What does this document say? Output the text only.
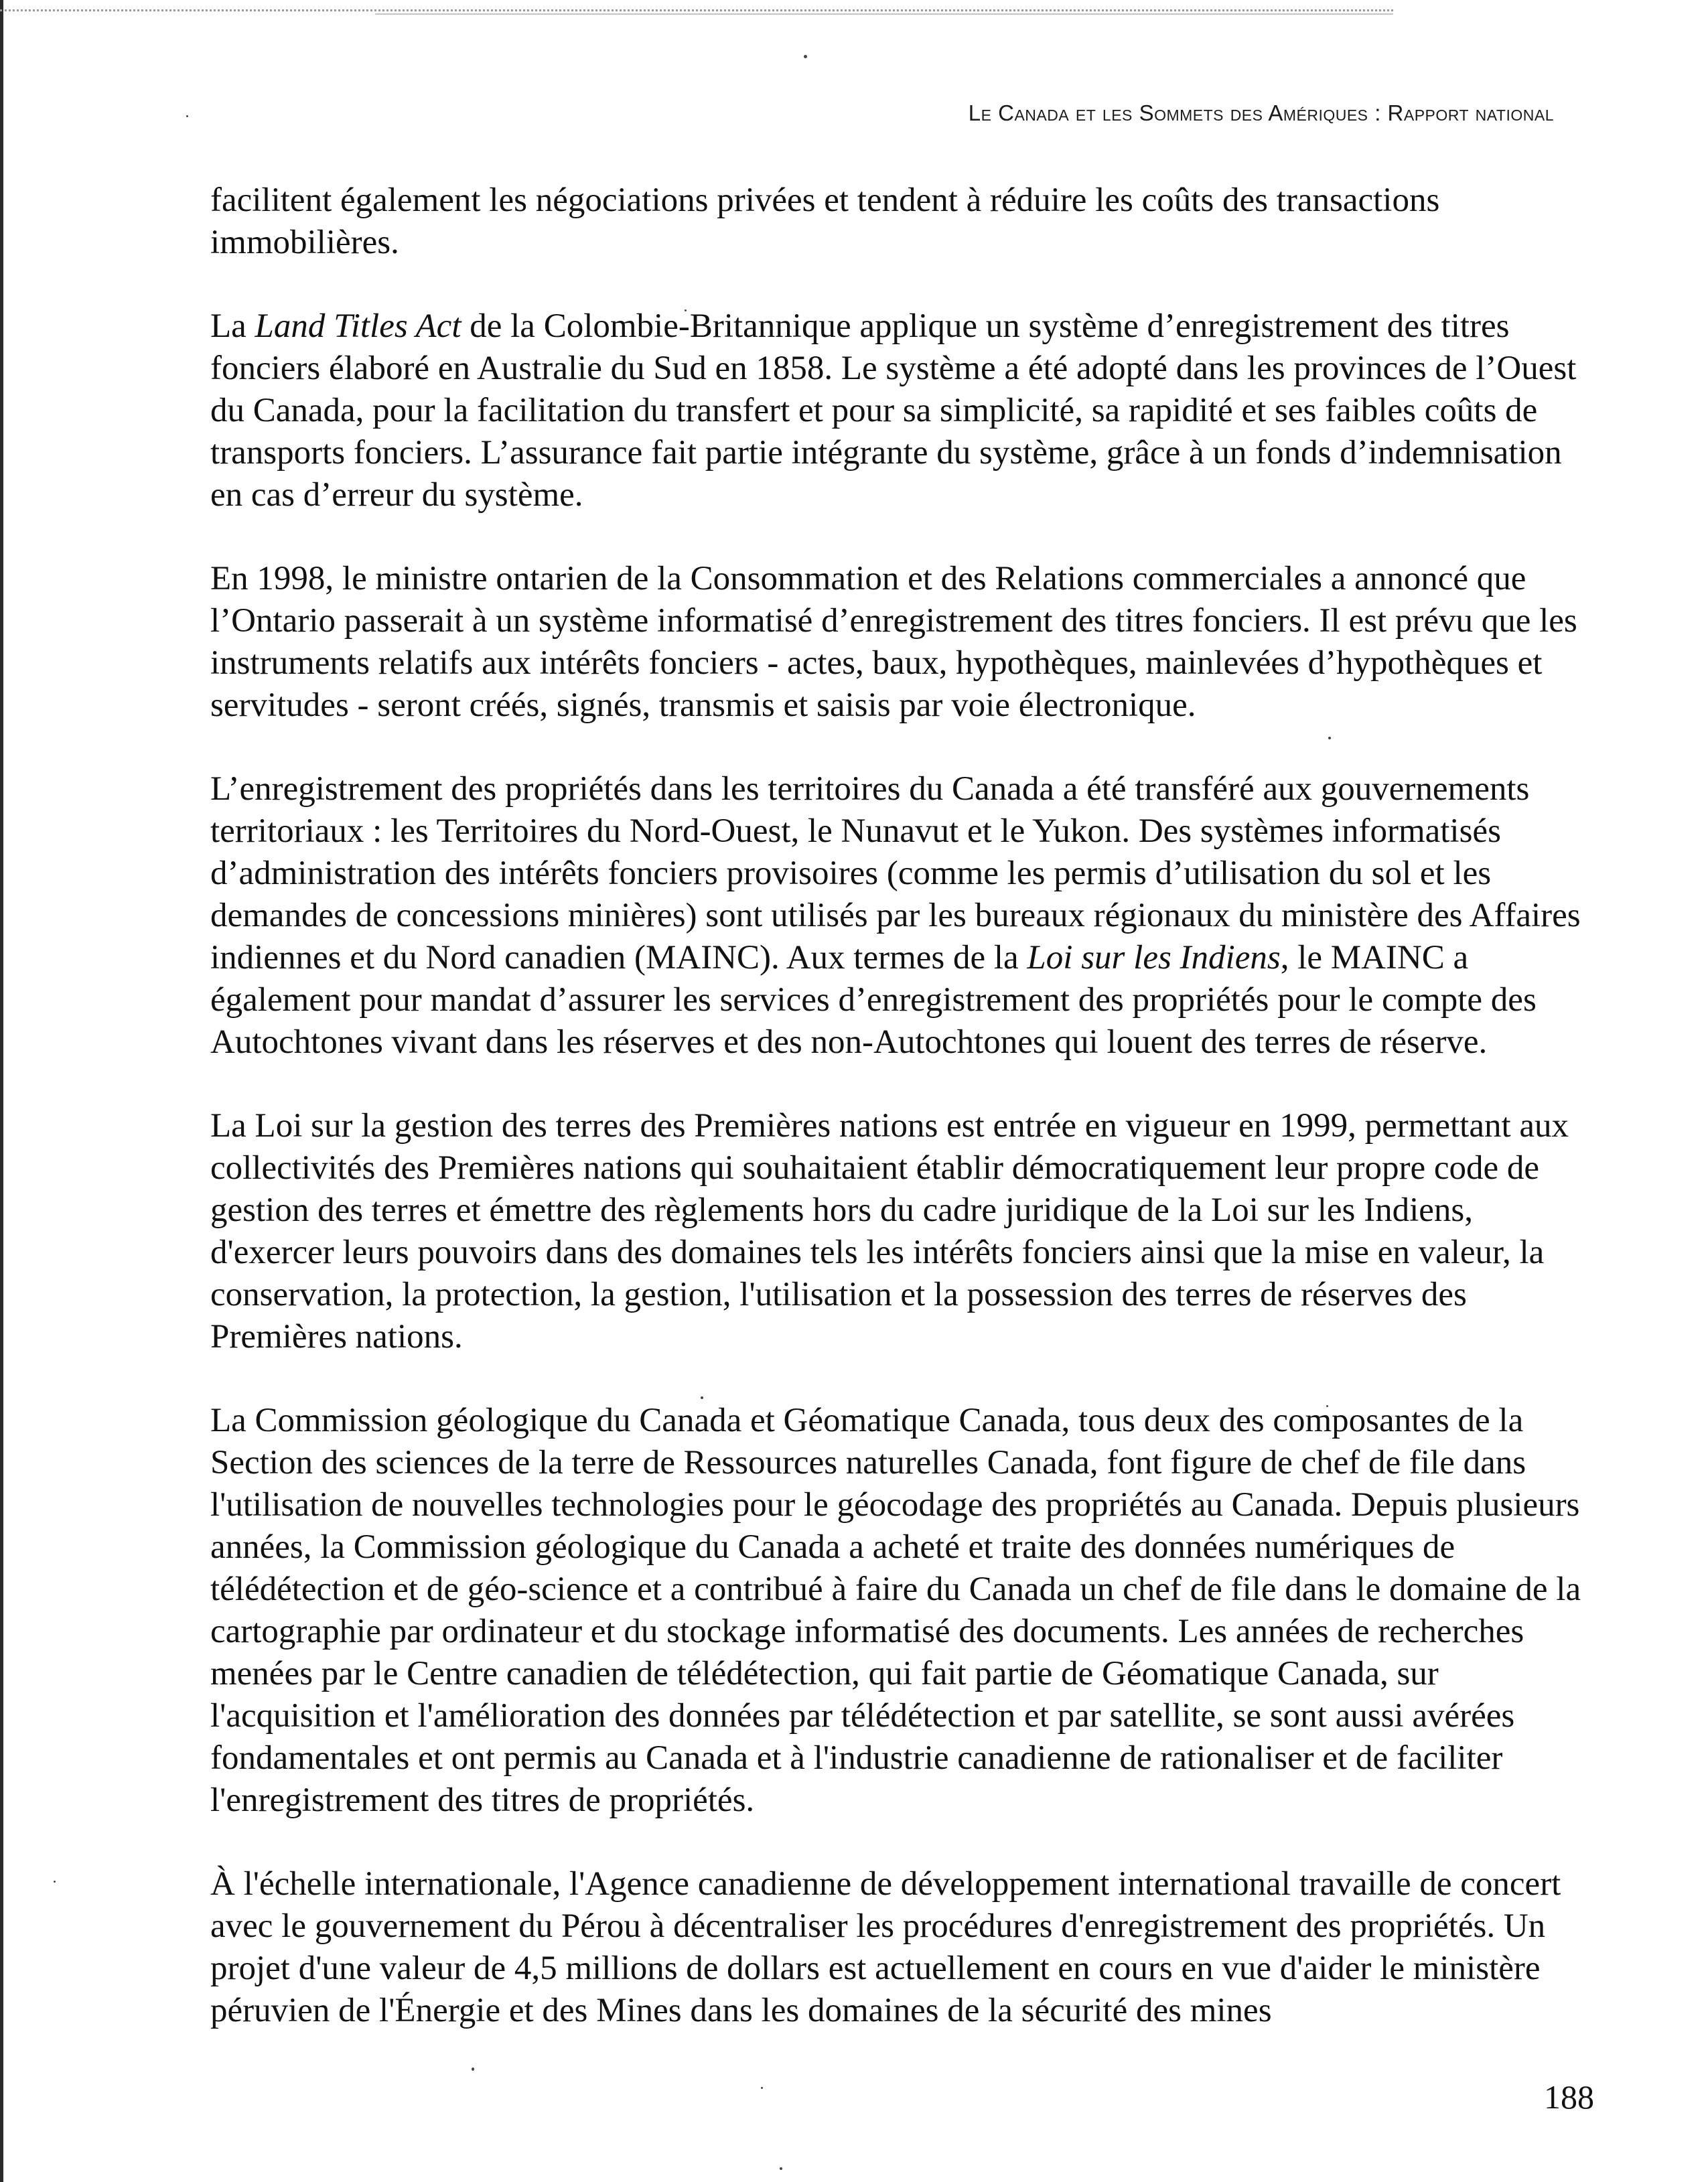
Le Canada et les Sommets des Amériques : Rapport national

facilitent également les négociations privées et tendent à réduire les coûts des transactions immobilières.

La Land Titles Act de la Colombie-Britannique applique un système d’enregistrement des titres fonciers élaboré en Australie du Sud en 1858. Le système a été adopté dans les provinces de l’Ouest du Canada, pour la facilitation du transfert et pour sa simplicité, sa rapidité et ses faibles coûts de transports fonciers. L’assurance fait partie intégrante du système, grâce à un fonds d’indemnisation en cas d’erreur du système.

En 1998, le ministre ontarien de la Consommation et des Relations commerciales a annoncé que l’Ontario passerait à un système informatisé d’enregistrement des titres fonciers. Il est prévu que les instruments relatifs aux intérêts fonciers - actes, baux, hypothèques, mainlevées d’hypothèques et servitudes - seront créés, signés, transmis et saisis par voie électronique.

L’enregistrement des propriétés dans les territoires du Canada a été transféré aux gouvernements territoriaux : les Territoires du Nord-Ouest, le Nunavut et le Yukon. Des systèmes informatisés d’administration des intérêts fonciers provisoires (comme les permis d’utilisation du sol et les demandes de concessions minières) sont utilisés par les bureaux régionaux du ministère des Affaires indiennes et du Nord canadien (MAINC). Aux termes de la Loi sur les Indiens, le MAINC a également pour mandat d’assurer les services d’enregistrement des propriétés pour le compte des Autochtones vivant dans les réserves et des non-Autochtones qui louent des terres de réserve.

La Loi sur la gestion des terres des Premières nations est entrée en vigueur en 1999, permettant aux collectivités des Premières nations qui souhaitaient établir démocratiquement leur propre code de gestion des terres et émettre des règlements hors du cadre juridique de la Loi sur les Indiens, d'exercer leurs pouvoirs dans des domaines tels les intérêts fonciers ainsi que la mise en valeur, la conservation, la protection, la gestion, l'utilisation et la possession des terres de réserves des Premières nations.

La Commission géologique du Canada et Géomatique Canada, tous deux des composantes de la Section des sciences de la terre de Ressources naturelles Canada, font figure de chef de file dans l'utilisation de nouvelles technologies pour le géocodage des propriétés au Canada. Depuis plusieurs années, la Commission géologique du Canada a acheté et traite des données numériques de télédétection et de géo-science et a contribué à faire du Canada un chef de file dans le domaine de la cartographie par ordinateur et du stockage informatisé des documents. Les années de recherches menées par le Centre canadien de télédétection, qui fait partie de Géomatique Canada, sur l'acquisition et l'amélioration des données par télédétection et par satellite, se sont aussi avérées fondamentales et ont permis au Canada et à l'industrie canadienne de rationaliser et de faciliter l'enregistrement des titres de propriétés.

À l'échelle internationale, l'Agence canadienne de développement international travaille de concert avec le gouvernement du Pérou à décentraliser les procédures d'enregistrement des propriétés. Un projet d'une valeur de 4,5 millions de dollars est actuellement en cours en vue d'aider le ministère péruvien de l'Énergie et des Mines dans les domaines de la sécurité des mines

188
